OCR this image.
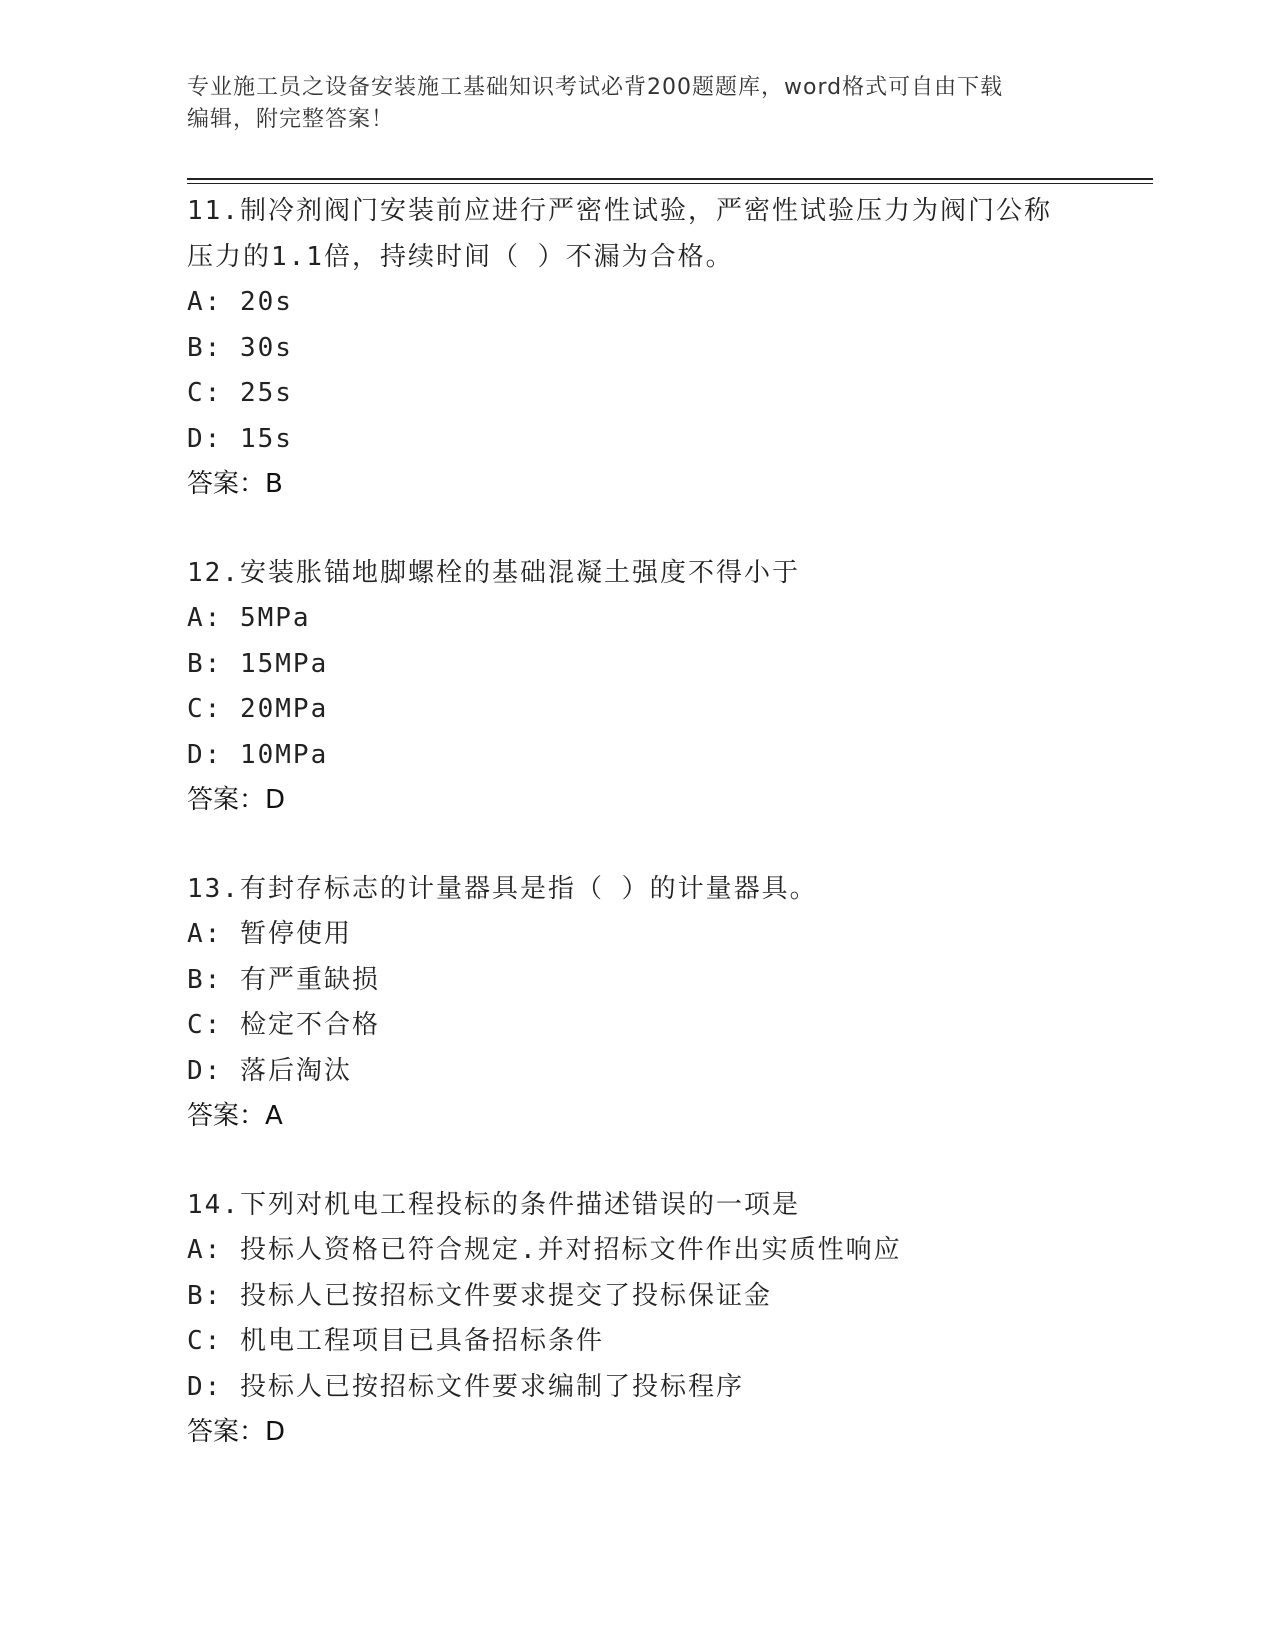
专业施工员之设备安装施工基础知识考试必背200题题库，word格式可自由下载
编辑，附完整答案！
11.制冷剂阀门安装前应进行严密性试验，严密性试验压力为阀门公称
压力的1.1倍，持续时间（ ）不漏为合格。
A: 20s
B: 30s
C: 25s
D: 15s
答案：B
12.安装胀锚地脚螺栓的基础混凝土强度不得小于
A: 5MPa
B: 15MPa
C: 20MPa
D: 10MPa
答案：D
13.有封存标志的计量器具是指（ ）的计量器具。
A: 暂停使用
B: 有严重缺损
C: 检定不合格
D: 落后淘汰
答案：A
14.下列对机电工程投标的条件描述错误的一项是
A: 投标人资格已符合规定.并对招标文件作出实质性响应
B: 投标人已按招标文件要求提交了投标保证金
C: 机电工程项目已具备招标条件
D: 投标人已按招标文件要求编制了投标程序
答案：D
